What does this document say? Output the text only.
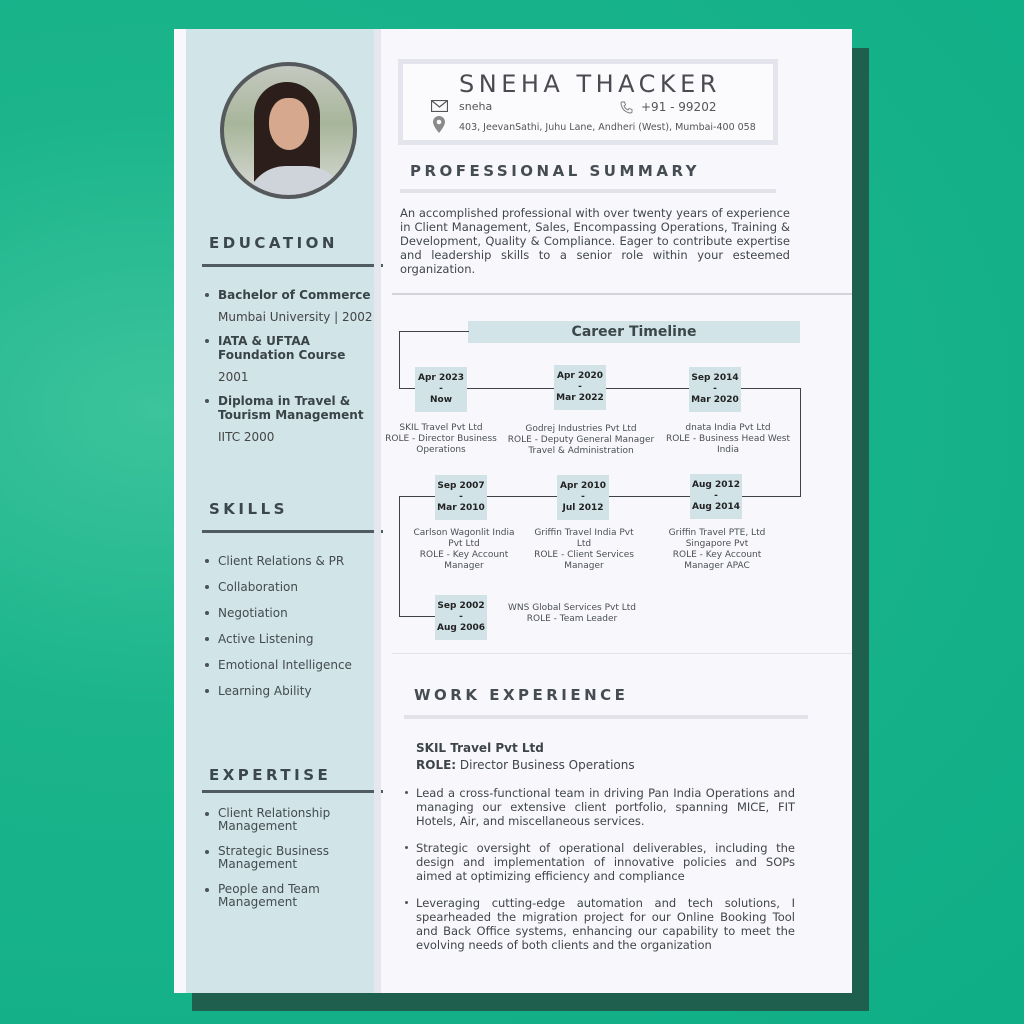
EDUCATION
Bachelor of Commerce
Mumbai University | 2002
IATA & UFTAA Foundation Course
2001
Diploma in Travel & Tourism Management
IITC 2000
SKILLS
Client Relations & PR
Collaboration
Negotiation
Active Listening
Emotional Intelligence
Learning Ability
EXPERTISE
Client Relationship Management
Strategic Business Management
People and Team Management
SNEHA THACKER
sneha	+91 - 99202
403, JeevanSathi, Juhu Lane, Andheri (West), Mumbai-400 058
PROFESSIONAL SUMMARY
An accomplished professional with over twenty years of experience in Client Management, Sales, Encompassing Operations, Training & Development, Quality & Compliance. Eager to contribute expertise and leadership skills to a senior role within your esteemed organization.
Career Timeline
Apr 2023
-
Now
SKIL Travel Pvt Ltd
ROLE - Director Business Operations
Apr 2020
-
Mar 2022
Godrej Industries Pvt Ltd
ROLE - Deputy General Manager Travel & Administration
Sep 2014
-
Mar 2020
dnata India Pvt Ltd
ROLE - Business Head West India
Sep 2007
-
Mar 2010
Carlson Wagonlit India Pvt Ltd
ROLE - Key Account Manager
Apr 2010
-
Jul 2012
Griffin Travel India Pvt Ltd
ROLE - Client Services Manager
Aug 2012
-
Aug 2014
Griffin Travel PTE, Ltd Singapore Pvt
ROLE - Key Account Manager APAC
Sep 2002
-
Aug 2006
WNS Global Services Pvt Ltd
ROLE - Team Leader
WORK EXPERIENCE
SKIL Travel Pvt Ltd
ROLE: Director Business Operations
Lead a cross-functional team in driving Pan India Operations and managing our extensive client portfolio, spanning MICE, FIT Hotels, Air, and miscellaneous services.
Strategic oversight of operational deliverables, including the design and implementation of innovative policies and SOPs aimed at optimizing efficiency and compliance
Leveraging cutting-edge automation and tech solutions, I spearheaded the migration project for our Online Booking Tool and Back Office systems, enhancing our capability to meet the evolving needs of both clients and the organization
